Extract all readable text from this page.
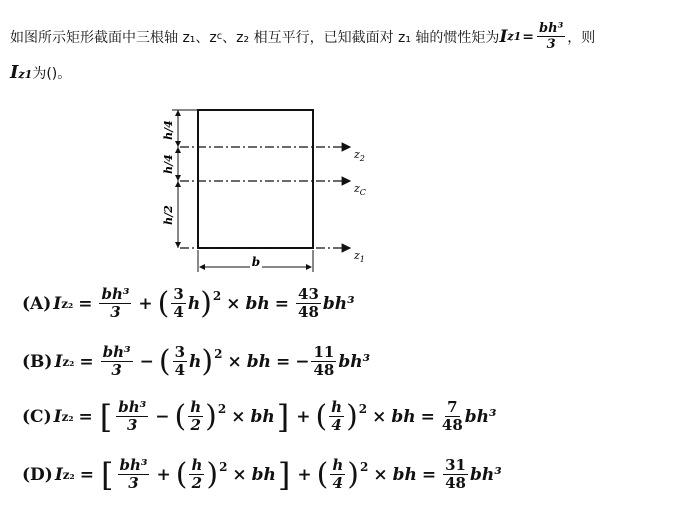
如图所示矩形截面中三根轴 z₁、z c 、z₂ 相互平行，已知截面对 z₁ 轴的惯性矩为 I $z1 = \frac{\text{bh³}}{3}$ ，则
I z1 为()。
h/4
h/4
h/2
b
$z_2$
$z_C$
$z_1$
(A) I $z_2 = \frac{\text{bh³}}{3}$ + ( $\frac{3}{4}$ h ) 2 × bh = $\frac{43}{48} bh^3$
(B) I $z_2 = \frac{\text{bh³}}{3}$ − ( $\frac{3}{4}$ h ) 2 × bh = − $\frac{11}{48} bh^3$
(C) I z₂ = [ $\frac{\text{bh³}}{3}$ − ( $\frac{h}{2}$ ) 2 × bh ] + ( $\frac{h}{4}$ ) 2 × bh = $\frac{7}{48} bh^3$
(D) I z₂ = [ $\frac{\text{bh³}}{3}$ + ( $\frac{h}{2}$ ) 2 × bh ] + ( $\frac{h}{4}$ ) 2 × bh = $\frac{31}{48} bh^3$
